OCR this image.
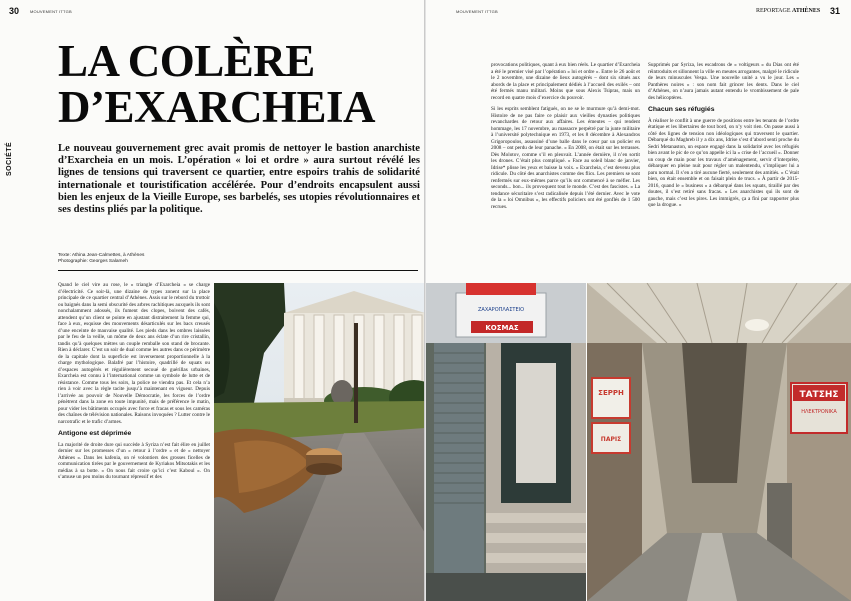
30	MOUVEMENT ITTGB
SOCIÉTÉ
LA COLÈRE
D’EXARCHEIA
Le nouveau gouvernement grec avait promis de nettoyer le bastion anarchiste d’Exarcheia en un mois. L’opération « loi et ordre » aura surtout révélé les lignes de tensions qui traversent ce quartier, entre espoirs trahis de solidarité internationale et touristification accélérée. Pour d’endroits encapsulent aussi bien les enjeux de la Vieille Europe, ses barbelés, ses utopies révolutionnaires et ses destins pliés par la politique.
Texte: Athina Jean-Calmettes, à Athènes
Photographie: Georges Salameh

Quand le ciel vire au rose, le « triangle d’Exarcheia » se charge d’électricité. Ce soir-là, une dizaine de types zonent sur la place principale de ce quartier central d’Athènes. Assis sur le rebord du trottoir ou baignés dans la semi obscurité des arbres rachitiques auxquels ils sont nonchalamment adossés, ils fument des clopes, boivent des cafés, attendent qu’un client se pointe en ajustant distraitement la femme qui, face à eux, esquisse des mouvements désarticulés sur les bacs creusés d’une enceinte de mauvaise qualité. Les pieds dans les ombres laissées par le feu de la veille, un môme de deux ans éclate d’un rire cristallin, tandis qu’à quelques mètres un couple remballe son stand de brocante. Rien à déclarer. C’est un soir de dual comme les autres dans ce périmètre de la capitale dont la superficie est inversement proportionnelle à la charge mythologique. Balafré par l’histoire, quadrillé de squats ou d’espaces autogérés et régulièrement secoué de guérillas urbaines, Exarcheia est connu à l’international comme un symbole de lutte et de résistance. Comme tous les soirs, la police ne viendra pas. Et cela n’a rien à voir avec la règle tacite jusqu’à maintenant en vigueur. Depuis l’arrivée au pouvoir de Nouvelle Démocratie, les forces de l’ordre pénètrent dans la zone en toute impunité, mais de préférence le matin, pour vider les bâtiments occupés avec force et fracas et sous les caméras des chaînes de télévision nationales. Raisons invoquées ? Lutter contre le narcotrafic et le trafic d’armes.

Antigone est déprimée

La majorité de droite dure qui succède à Syriza n’est fait élire en juillet dernier sur les promesses d’un « retour à l’ordre » et de « nettoyer Athènes ». Dans les kafenia, on ré volontiers des grosses ficelles de communication tirées par le gouvernement de Kyriakos Mitsotakis et les médias à sa botte. « On nous fait croire qu’ici c’est Kaboul ». On s’amuse un peu moins du tournant répressif et des

MOUVEMENT ITTGB	REPORTAGE ATHÈNES 31

provocations politiques, quant à eux bien réels. Le quartier d’Exarcheia a été le premier visé par l’opération « loi et ordre ». Entre le 26 août et le 2 novembre, une dizaine de lieux autogérés – dont six situés aux abords de la place et principalement dédiés à l’accueil des exilés – ont été fermés manu militari. Moins que sous Alexis Tsipras, mais un record en quatre mois d’exercice du pouvoir.

Si les esprits semblent fatigués, on ne se le murmure qu’à demi-mot. Histoire de ne pas faire ce plaisir aux vieilles dynasties politiques revanchardes de retour aux affaires. Les émeutes – qui rendent hommage, les 17 novembre, au massacre perpétré par la junte militaire à l’université polytechnique en 1973, et les 8 décembre à Alexandros Grigoropoulos, assassiné d’une balle dans le cœur par un policier en 2008 – ont perdu de leur panache. « En 2008, on était sur les terrasses. Dès Molotov, comme s’il en pleuvait. L’année dernière, il n’en sortit les drones. C’était plus compliqué. » Face au soleil blanc de janvier, Idrise* plisse les yeux et baisse la voix. « Exarcheia, c’est devenu plus ridicule. Du côté des anarchistes comme des flics. Les premiers se sont renfermés sur eux-mêmes parce qu’ils ont commencé à se méfier. Les seconds... bon... ils provoquent tout le monde. C’est des fascistes. » La tendance sécuritaire s’est radicalisée depuis l’été dernier. Avec le vote de la « loi Omnibus », les effectifs policiers ont été gonflés de 1 500 recrues.

Supprimés par Syriza, les escadrons de « voltigeurs » du Dias ont été réintroduits et sillonnent la ville en meutes arrogantes, malgré le ridicule de leurs minuscules Vespa. Une nouvelle unité a vu le jour. Les « Panthères noires » : son nom fait grincer les dents. Dans le ciel d’Athènes, on n’aura jamais autant entendu le vrombissement de pale des hélicoptères.

Chacun ses réfugiés

À réaliser le conflit à une guerre de positions entre les tenants de l’ordre étatique et les libertaires de tout bord, on n’y voit rien. On passe aussi à côté des lignes de tension non idéologiques qui traversent le quartier. Débarqué du Maghreb il y a dix ans, Idrise s’est d’abord senti proche du Sedri Metanaston, un espace engagé dans la solidarité avec les réfugiés bien avant le pic de ce qu’on appelle ici la « crise de l’accueil ». Donner un coup de main pour les travaux d’aménagement, servir d’interprète, débarquer en pleine nuit pour régler un malentendu, s’impliquer lui a paru normal. Il s’en a tiré aucune fierté, seulement des amitiés. « C’était bien, on était ensemble et on faisait plein de trucs. » À partir de 2015-2016, quand le « business » a débarqué dans les squats, tiraillé par des doutes, il s’est retiré sans fracas. « Les anarchistes qui ils sont de gauche, mais c’est les pires. Les immigrés, ça a fini par rapporter plus que la drogue. »

ΖΑΧΑΡΟΠΛΑΣΤΕΙΟ
ΚΟΣΜΑΣ
ΣΕΡΡΗ
ΠΑΡΙΣ
ΤΑΤΣΗΣ
ΗΛΕΚΤΡΟΝΙΚΑ
